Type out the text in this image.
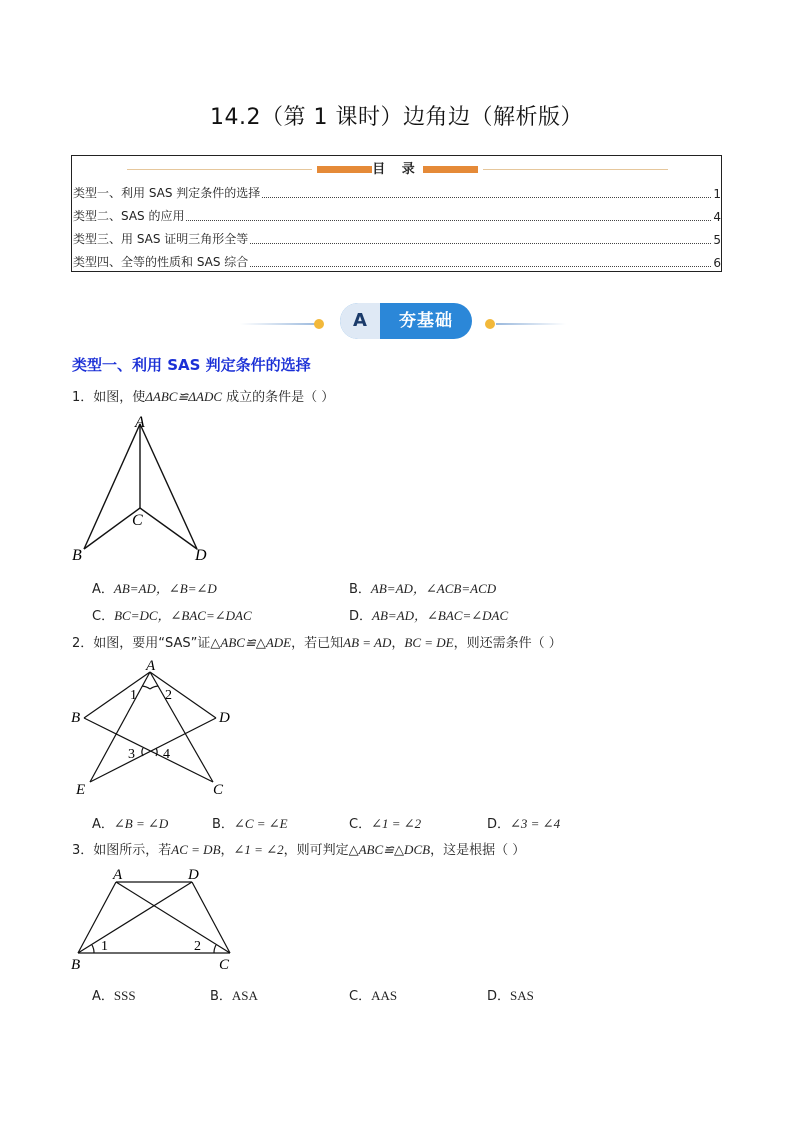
14.2（第 1 课时）边角边（解析版）
目 录
类型一、利用 SAS 判定条件的选择	1
类型二、SAS 的应用	4
类型三、用 SAS 证明三角形全等	5
类型四、全等的性质和 SAS 综合	6
A	夯基础
类型一、利用 SAS 判定条件的选择
1．如图，使ΔABC≌ΔADC 成立的条件是（ ）
A
B
C
D
A．AB=AD，∠B=∠D	B．AB=AD，∠ACB=ACD
C．BC=DC，∠BAC=∠DAC	D．AB=AD，∠BAC=∠DAC
2．如图，要用“SAS”证△ABC≌△ADE，若已知AB = AD，BC = DE，则还需条件（ ）
A
B	D
E	C
1 2
3 4
A．∠B = ∠D	B．∠C = ∠E	C．∠1 = ∠2	D．∠3 = ∠4
3．如图所示，若AC = DB，∠1 = ∠2，则可判定△ABC≌△DCB，这是根据（ ）
A	D
B	C
1	2
A．SSS	B．ASA	C．AAS	D．SAS
